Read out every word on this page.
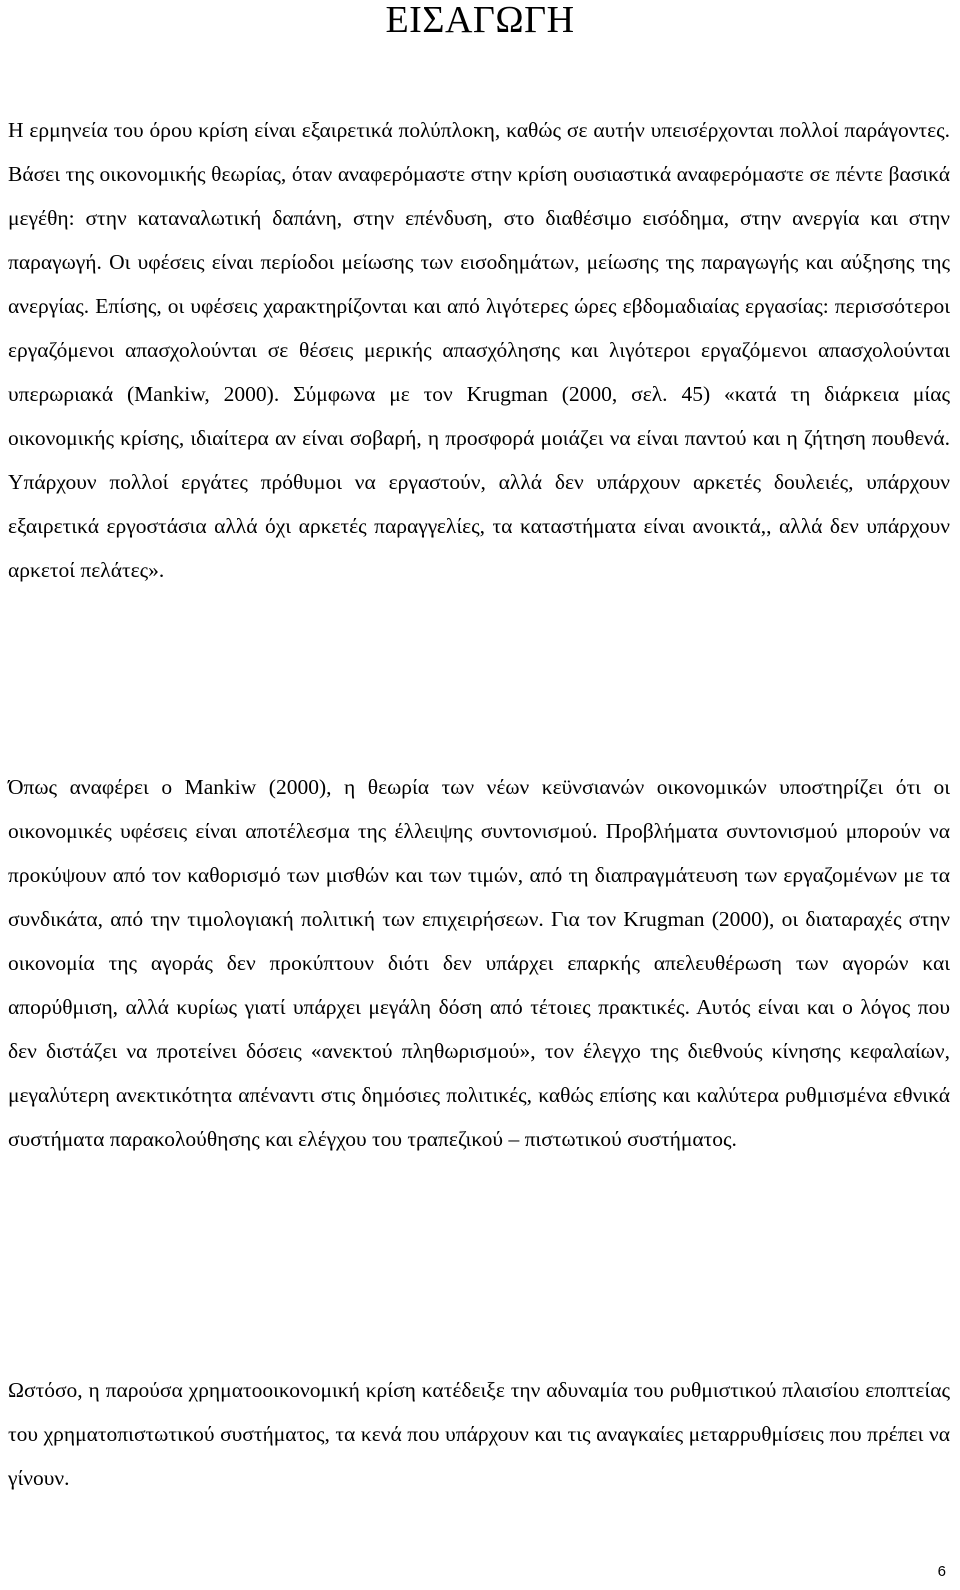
ΕΙΣΑΓΩΓΗ

Η ερμηνεία του όρου κρίση είναι εξαιρετικά πολύπλοκη, καθώς σε αυτήν υπεισέρχονται πολλοί παράγοντες. Βάσει της οικονομικής θεωρίας, όταν αναφερόμαστε στην κρίση ουσιαστικά αναφερόμαστε σε πέντε βασικά μεγέθη: στην καταναλωτική δαπάνη, στην επένδυση, στο διαθέσιμο εισόδημα, στην ανεργία και στην παραγωγή. Οι υφέσεις είναι περίοδοι μείωσης των εισοδημάτων, μείωσης της παραγωγής και αύξησης της ανεργίας. Επίσης, οι υφέσεις χαρακτηρίζονται και από λιγότερες ώρες εβδομαδιαίας εργασίας: περισσότεροι εργαζόμενοι απασχολούνται σε θέσεις μερικής απασχόλησης και λιγότεροι εργαζόμενοι απασχολούνται υπερωριακά (Mankiw, 2000). Σύμφωνα με τον Krugman (2000, σελ. 45) «κατά τη διάρκεια μίας οικονομικής κρίσης, ιδιαίτερα αν είναι σοβαρή, η προσφορά μοιάζει να είναι παντού και η ζήτηση πουθενά. Υπάρχουν πολλοί εργάτες πρόθυμοι να εργαστούν, αλλά δεν υπάρχουν αρκετές δουλειές, υπάρχουν εξαιρετικά εργοστάσια αλλά όχι αρκετές παραγγελίες, τα καταστήματα είναι ανοικτά,, αλλά δεν υπάρχουν αρκετοί πελάτες».

Όπως αναφέρει ο Mankiw (2000), η θεωρία των νέων κεϋνσιανών οικονομικών υποστηρίζει ότι οι οικονομικές υφέσεις είναι αποτέλεσμα της έλλειψης συντονισμού. Προβλήματα συντονισμού μπορούν να προκύψουν από τον καθορισμό των μισθών και των τιμών, από τη διαπραγμάτευση των εργαζομένων με τα συνδικάτα, από την τιμολογιακή πολιτική των επιχειρήσεων. Για τον Krugman (2000), οι διαταραχές στην οικονομία της αγοράς δεν προκύπτουν διότι δεν υπάρχει επαρκής απελευθέρωση των αγορών και απορύθμιση, αλλά κυρίως γιατί υπάρχει μεγάλη δόση από τέτοιες πρακτικές. Αυτός είναι και ο λόγος που δεν διστάζει να προτείνει δόσεις «ανεκτού πληθωρισμού», τον έλεγχο της διεθνούς κίνησης κεφαλαίων, μεγαλύτερη ανεκτικότητα απέναντι στις δημόσιες πολιτικές, καθώς επίσης και καλύτερα ρυθμισμένα εθνικά συστήματα παρακολούθησης και ελέγχου του τραπεζικού – πιστωτικού συστήματος.

Ωστόσο, η παρούσα χρηματοοικονομική κρίση κατέδειξε την αδυναμία του ρυθμιστικού πλαισίου εποπτείας του χρηματοπιστωτικού συστήματος, τα κενά που υπάρχουν και τις αναγκαίες μεταρρυθμίσεις που πρέπει να γίνουν.

6
